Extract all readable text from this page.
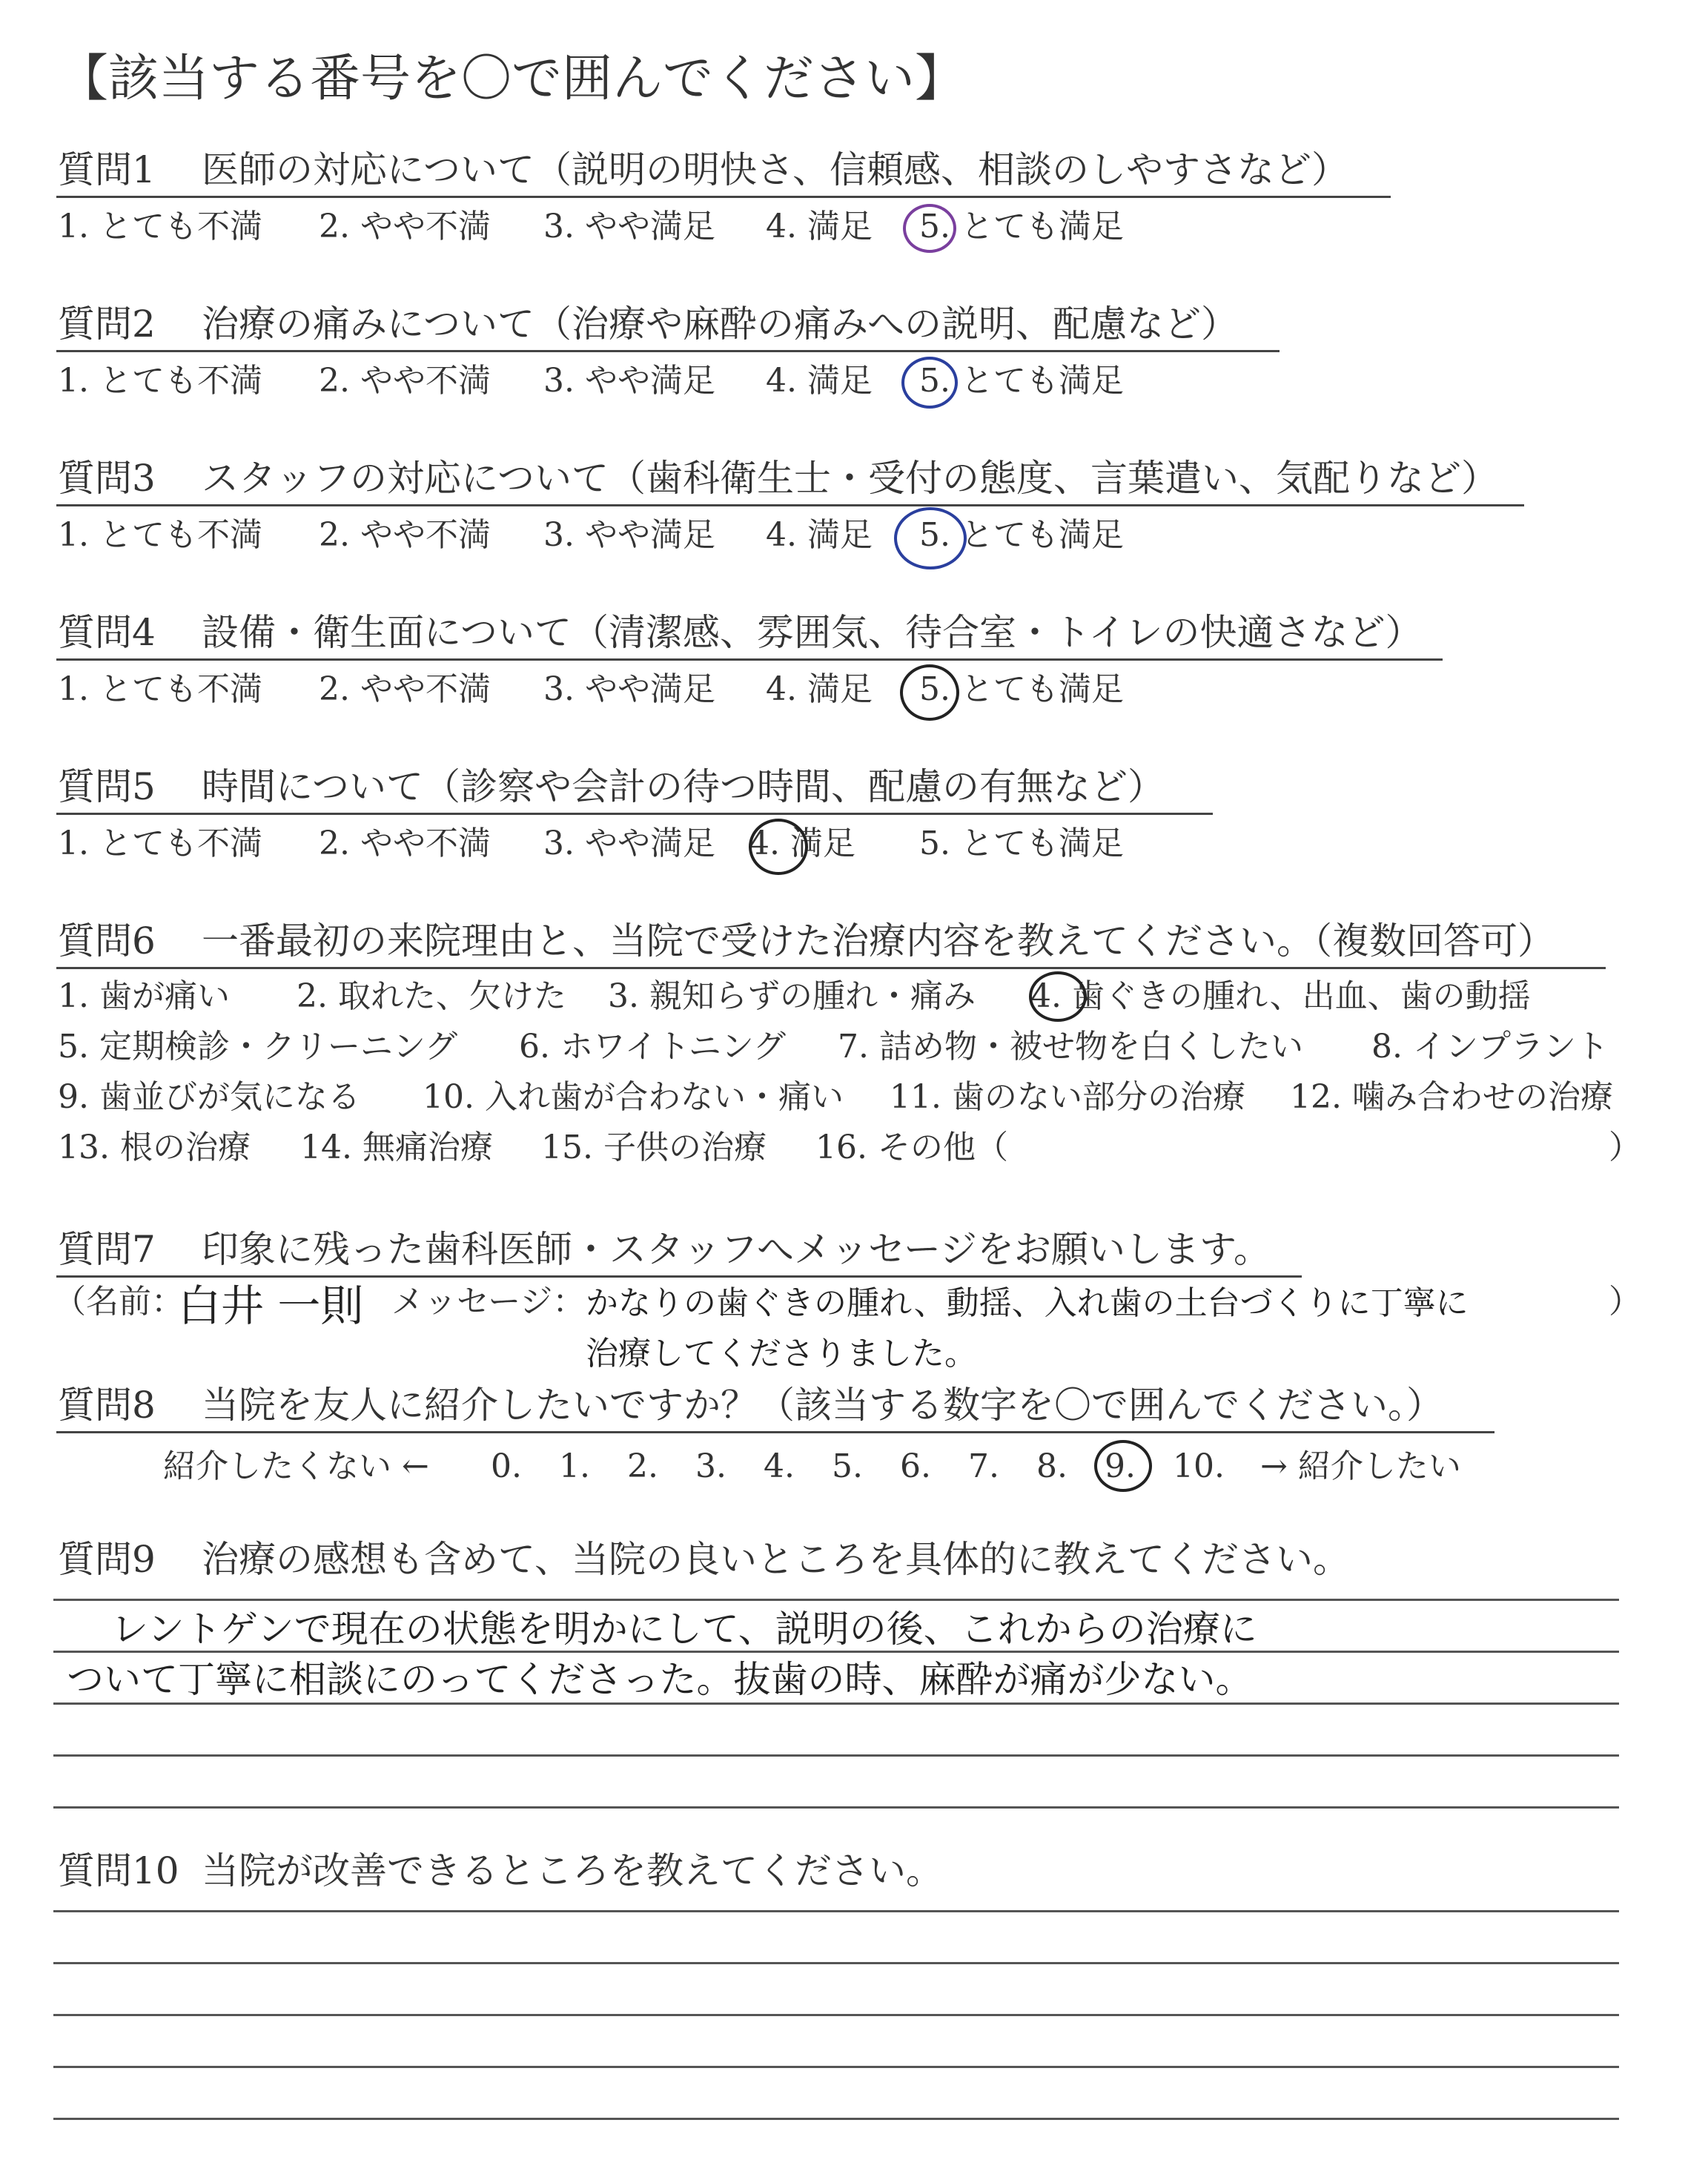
【該当する番号を〇で囲んでください】
質問1 医師の対応について（説明の明快さ、信頼感、相談のしやすさなど）
1. とても不満 2. やや不満 3. やや満足 4. 満足 5. とても満足
質問2 治療の痛みについて（治療や麻酔の痛みへの説明、配慮など）
1. とても不満 2. やや不満 3. やや満足 4. 満足 5. とても満足
質問3 スタッフの対応について（歯科衛生士・受付の態度、言葉遣い、気配りなど）
1. とても不満 2. やや不満 3. やや満足 4. 満足 5. とても満足
質問4 設備・衛生面について（清潔感、雰囲気、待合室・トイレの快適さなど）
1. とても不満 2. やや不満 3. やや満足 4. 満足 5. とても満足
質問5 時間について（診察や会計の待つ時間、配慮の有無など）
1. とても不満 2. やや不満 3. やや満足 4. 満足 5. とても満足
質問6 一番最初の来院理由と、当院で受けた治療内容を教えてください。（複数回答可）
1. 歯が痛い 2. 取れた、欠けた 3. 親知らずの腫れ・痛み 4. 歯ぐきの腫れ、出血、歯の動揺
5. 定期検診・クリーニング 6. ホワイトニング 7. 詰め物・被せ物を白くしたい 8. インプラント
9. 歯並びが気になる 10. 入れ歯が合わない・痛い 11. 歯のない部分の治療 12. 噛み合わせの治療
13. 根の治療 14. 無痛治療 15. 子供の治療 16. その他（	）
質問7 印象に残った歯科医師・スタッフへメッセージをお願いします。
（名前：
白井 一則 メッセージ： かなりの歯ぐきの腫れ、動揺、入れ歯の土台づくりに丁寧に	）
治療してくださりました。
質問8 当院を友人に紹介したいですか？（該当する数字を〇で囲んでください。）
紹介したくない ← 0. 1. 2. 3. 4. 5. 6. 7. 8. 9. 10. → 紹介したい
質問9 治療の感想も含めて、当院の良いところを具体的に教えてください。
レントゲンで現在の状態を明かにして、説明の後、これからの治療に
ついて丁寧に相談にのってくださった。抜歯の時、麻酔が痛が少ない。
質問10 当院が改善できるところを教えてください。
